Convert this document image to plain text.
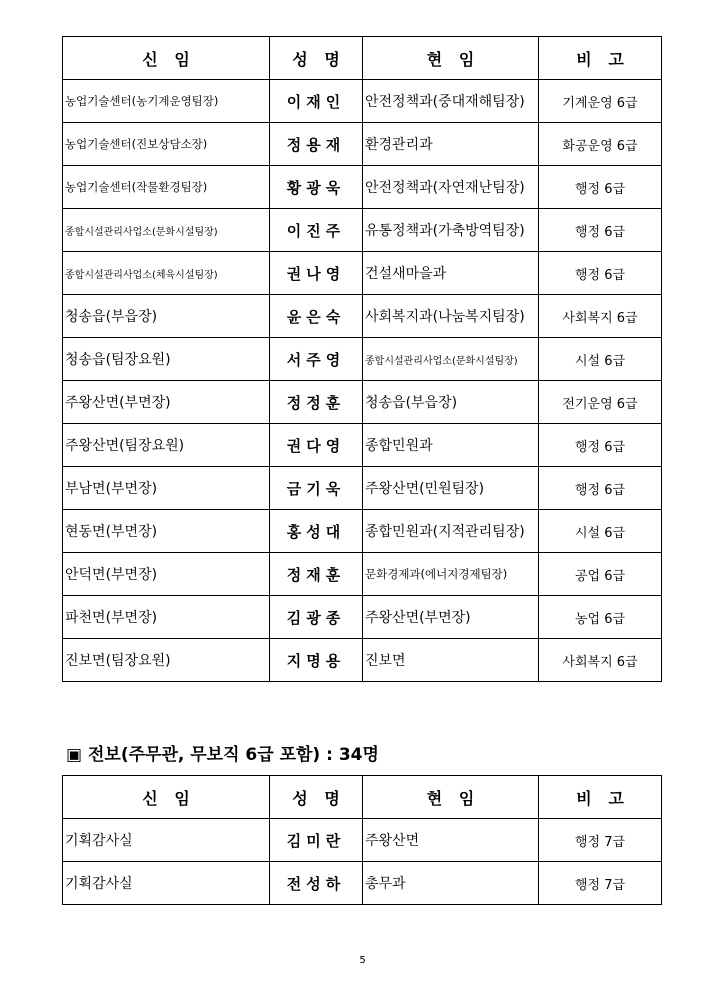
신   임	성   명	현   임	비   고
농업기술센터(농기계운영팀장)	이재인	안전정책과(중대재해팀장)	기계운영 6급
농업기술센터(진보상담소장)	정용재	환경관리과	화공운영 6급
농업기술센터(작물환경팀장)	황광욱	안전정책과(자연재난팀장)	행정 6급
종합시설관리사업소(문화시설팀장)	이진주	유통정책과(가축방역팀장)	행정 6급
종합시설관리사업소(체육시설팀장)	권나영	건설새마을과	행정 6급
청송읍(부읍장)	윤은숙	사회복지과(나눔복지팀장)	사회복지 6급
청송읍(팀장요원)	서주영	종합시설관리사업소(문화시설팀장)	시설 6급
주왕산면(부면장)	정정훈	청송읍(부읍장)	전기운영 6급
주왕산면(팀장요원)	권다영	종합민원과	행정 6급
부남면(부면장)	금기욱	주왕산면(민원팀장)	행정 6급
현동면(부면장)	홍성대	종합민원과(지적관리팀장)	시설 6급
안덕면(부면장)	정재훈	문화경제과(에너지경제팀장)	공업 6급
파천면(부면장)	김광종	주왕산면(부면장)	농업 6급
진보면(팀장요원)	지명용	진보면	사회복지 6급
▣ 전보(주무관, 무보직 6급 포함) : 34명
신   임	성   명	현   임	비   고
기획감사실	김미란	주왕산면	행정 7급
기획감사실	전성하	총무과	행정 7급
5
